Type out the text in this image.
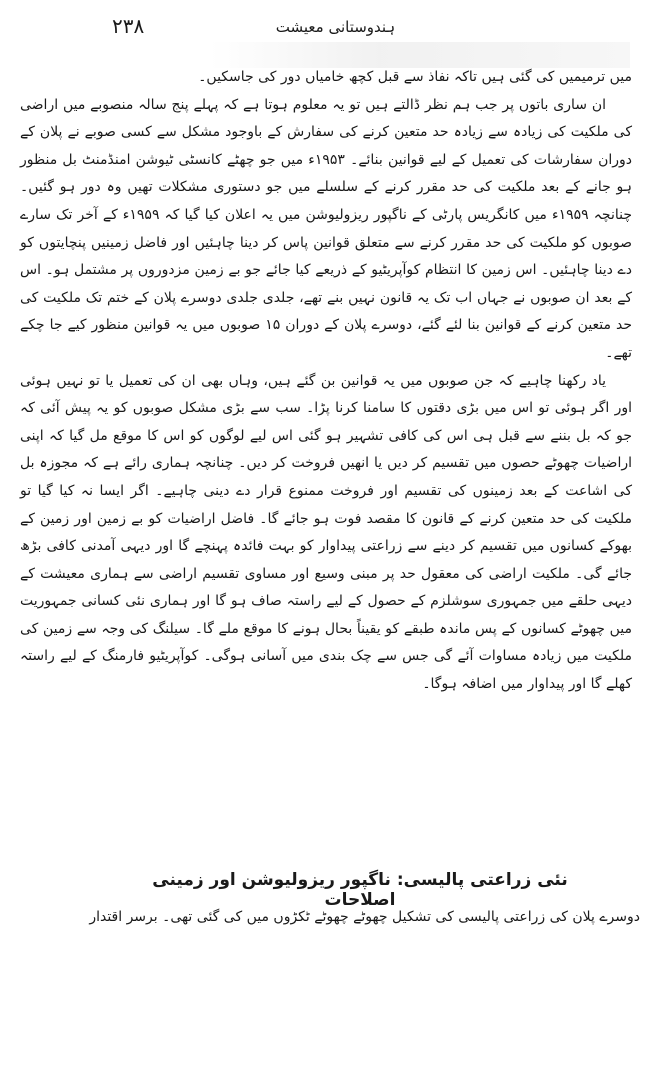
ہندوستانی معیشت
۲۳۸

میں ترمیمیں کی گئی ہیں تاکہ نفاذ سے قبل کچھ خامیاں دور کی جاسکیں۔

ان ساری باتوں پر جب ہم نظر ڈالتے ہیں تو یہ معلوم ہوتا ہے کہ پہلے پنج سالہ منصوبے میں اراضی کی ملکیت کی زیادہ سے زیادہ حد متعین کرنے کی سفارش کے باوجود مشکل سے کسی صوبے نے پلان کے دوران سفارشات کی تعمیل کے لیے قوانین بنائے۔ ۱۹۵۳ء میں جو چھٹے کانسٹی ٹیوشن امنڈمنٹ بل منظور ہو جانے کے بعد ملکیت کی حد مقرر کرنے کے سلسلے میں جو دستوری مشکلات تھیں وہ دور ہو گئیں۔ چنانچہ ۱۹۵۹ء میں کانگریس پارٹی کے ناگپور ریزولیوشن میں یہ اعلان کیا گیا کہ ۱۹۵۹ء کے آخر تک سارے صوبوں کو ملکیت کی حد مقرر کرنے سے متعلق قوانین پاس کر دینا چاہئیں اور فاضل زمینیں پنچایتوں کو دے دینا چاہئیں۔ اس زمین کا انتظام کوآپریٹیو کے ذریعے کیا جائے جو بے زمین مزدوروں پر مشتمل ہو۔ اس کے بعد ان صوبوں نے جہاں اب تک یہ قانون نہیں بنے تھے، جلدی جلدی دوسرے پلان کے ختم تک ملکیت کی حد متعین کرنے کے قوانین بنا لئے گئے، دوسرے پلان کے دوران ۱۵ صوبوں میں یہ قوانین منظور کیے جا چکے تھے۔

یاد رکھنا چاہیے کہ جن صوبوں میں یہ قوانین بن گئے ہیں، وہاں بھی ان کی تعمیل یا تو نہیں ہوئی اور اگر ہوئی تو اس میں بڑی دقتوں کا سامنا کرنا پڑا۔ سب سے بڑی مشکل صوبوں کو یہ پیش آئی کہ جو کہ بل بننے سے قبل ہی اس کی کافی تشہیر ہو گئی اس لیے لوگوں کو اس کا موقع مل گیا کہ اپنی اراضیات چھوٹے حصوں میں تقسیم کر دیں یا انھیں فروخت کر دیں۔ چنانچہ ہماری رائے ہے کہ مجوزہ بل کی اشاعت کے بعد زمینوں کی تقسیم اور فروخت ممنوع قرار دے دینی چاہیے۔ اگر ایسا نہ کیا گیا تو ملکیت کی حد متعین کرنے کے قانون کا مقصد فوت ہو جائے گا۔ فاضل اراضیات کو بے زمین اور زمین کے بھوکے کسانوں میں تقسیم کر دینے سے زراعتی پیداوار کو بہت فائدہ پہنچے گا اور دیہی آمدنی کافی بڑھ جائے گی۔ ملکیت اراضی کی معقول حد پر مبنی وسیع اور مساوی تقسیم اراضی سے ہماری معیشت کے دیہی حلقے میں جمہوری سوشلزم کے حصول کے لیے راستہ صاف ہو گا اور ہماری نئی کسانی جمہوریت میں چھوٹے کسانوں کے پس ماندہ طبقے کو یقیناً بحال ہونے کا موقع ملے گا۔ سیلنگ کی وجہ سے زمین کی ملکیت میں زیادہ مساوات آئے گی جس سے چک بندی میں آسانی ہوگی۔ کوآپریٹیو فارمنگ کے لیے راستہ کھلے گا اور پیداوار میں اضافہ ہوگا۔

نئی زراعتی پالیسی: ناگپور ریزولیوشن اور زمینی اصلاحات
دوسرے پلان کی زراعتی پالیسی کی تشکیل چھوٹے چھوٹے ٹکڑوں میں کی گئی تھی۔ برسر اقتدار
